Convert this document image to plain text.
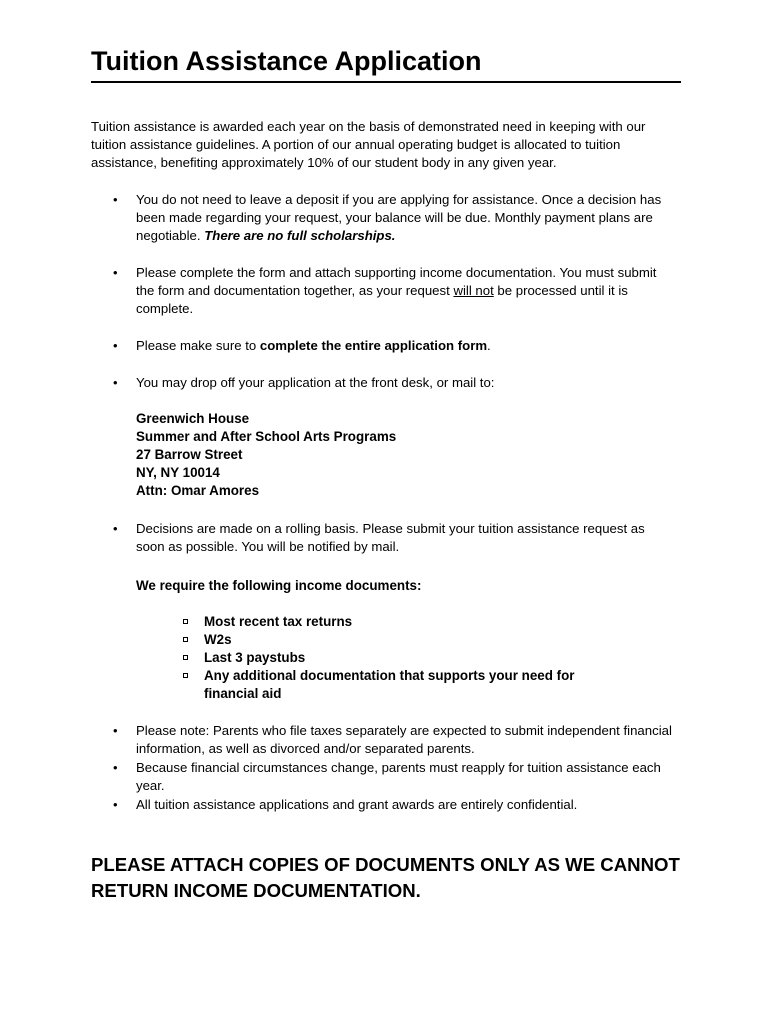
Tuition Assistance Application

Tuition assistance is awarded each year on the basis of demonstrated need in keeping with our tuition assistance guidelines. A portion of our annual operating budget is allocated to tuition assistance, benefiting approximately 10% of our student body in any given year.

• You do not need to leave a deposit if you are applying for assistance. Once a decision has been made regarding your request, your balance will be due. Monthly payment plans are negotiable. There are no full scholarships.

• Please complete the form and attach supporting income documentation. You must submit the form and documentation together, as your request will not be processed until it is complete.

• Please make sure to complete the entire application form.

• You may drop off your application at the front desk, or mail to:

Greenwich House
Summer and After School Arts Programs
27 Barrow Street
NY, NY 10014
Attn: Omar Amores
• Decisions are made on a rolling basis. Please submit your tuition assistance request as soon as possible. You will be notified by mail.

We require the following income documents:
Most recent tax returns
W2s
Last 3 paystubs
Any additional documentation that supports your need for financial aid
• Please note: Parents who file taxes separately are expected to submit independent financial information, as well as divorced and/or separated parents.

• Because financial circumstances change, parents must reapply for tuition assistance each year.

• All tuition assistance applications and grant awards are entirely confidential.

PLEASE ATTACH COPIES OF DOCUMENTS ONLY AS WE CANNOT RETURN INCOME DOCUMENTATION.
